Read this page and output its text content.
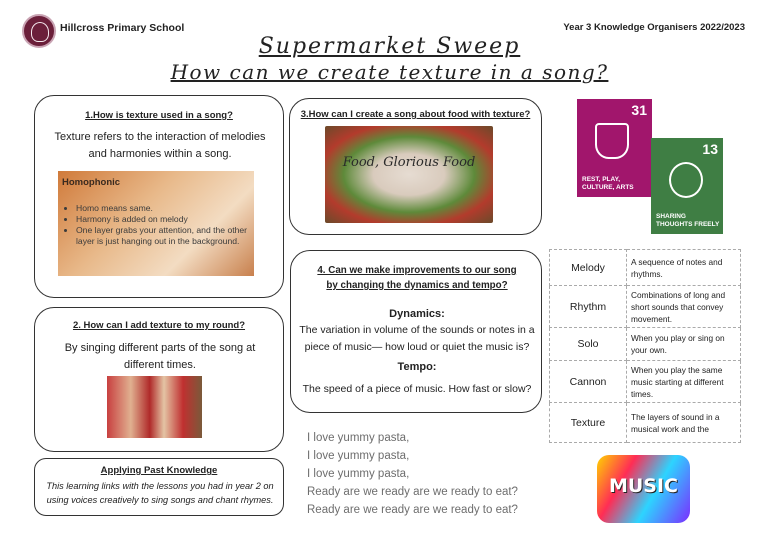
Hillcross Primary School	Year 3 Knowledge Organisers 2022/2023
Supermarket Sweep
How can we create texture in a song?
1.How is texture used in a song?
Texture refers to the interaction of melodies and harmonies within a song.
Homophonic
• Homo means same.
• Harmony is added on melody
• One layer grabs your attention, and the other layer is just hanging out in the background.
2. How can I add texture to my round?
By singing different parts of the song at different times.
Applying Past Knowledge
This learning links with the lessons you had in year 2 on using voices creatively to sing songs and chant rhymes.
3.How can I create a song about food with texture?
Food, Glorious Food
4. Can we make improvements to our song by changing the dynamics and tempo?
Dynamics:
The variation in volume of the sounds or notes in a piece of music— how loud or quiet the music is?
Tempo:
The speed of a piece of music. How fast or slow?
I love yummy pasta,
I love yummy pasta,
I love yummy pasta,
Ready are we ready are we ready to eat?
Ready are we ready are we ready to eat?
31
REST, PLAY, CULTURE, ARTS
13
SHARING THOUGHTS FREELY
Melody	A sequence of notes and rhythms.
Rhythm	Combinations of long and short sounds that convey movement.
Solo	When you play or sing on your own.
Cannon	When you play the same music starting at different times.
Texture	The layers of sound in a musical work and the
MUSIC
